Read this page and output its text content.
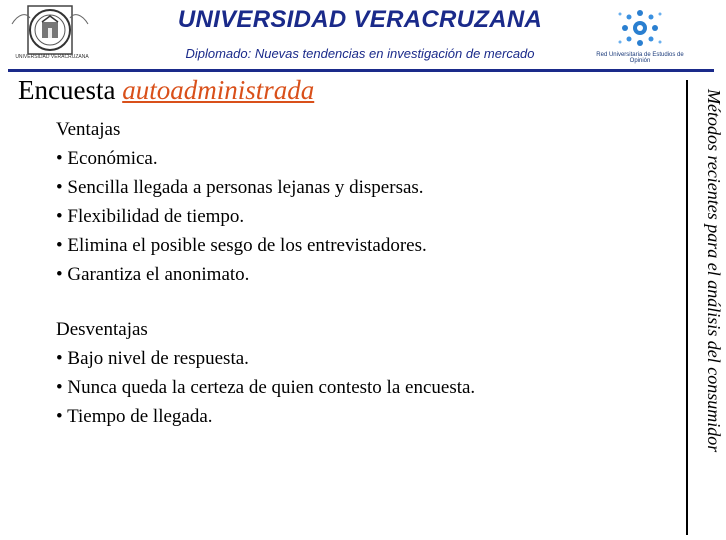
UNIVERSIDAD VERACRUZANA
UNIVERSIDAD VERACRUZANA
Diplomado: Nuevas tendencias en investigación de mercado	Red Universitaria de Estudios de Opinión
Encuesta autoadministrada	Métodos recientes para el análisis del consumidor
Ventajas
• Económica.
• Sencilla llegada a personas lejanas y dispersas.
• Flexibilidad de tiempo.
• Elimina el posible sesgo de los entrevistadores.
• Garantiza el anonimato.
Desventajas
• Bajo nivel de respuesta.
• Nunca queda la certeza de quien contesto la encuesta.
• Tiempo de llegada.
